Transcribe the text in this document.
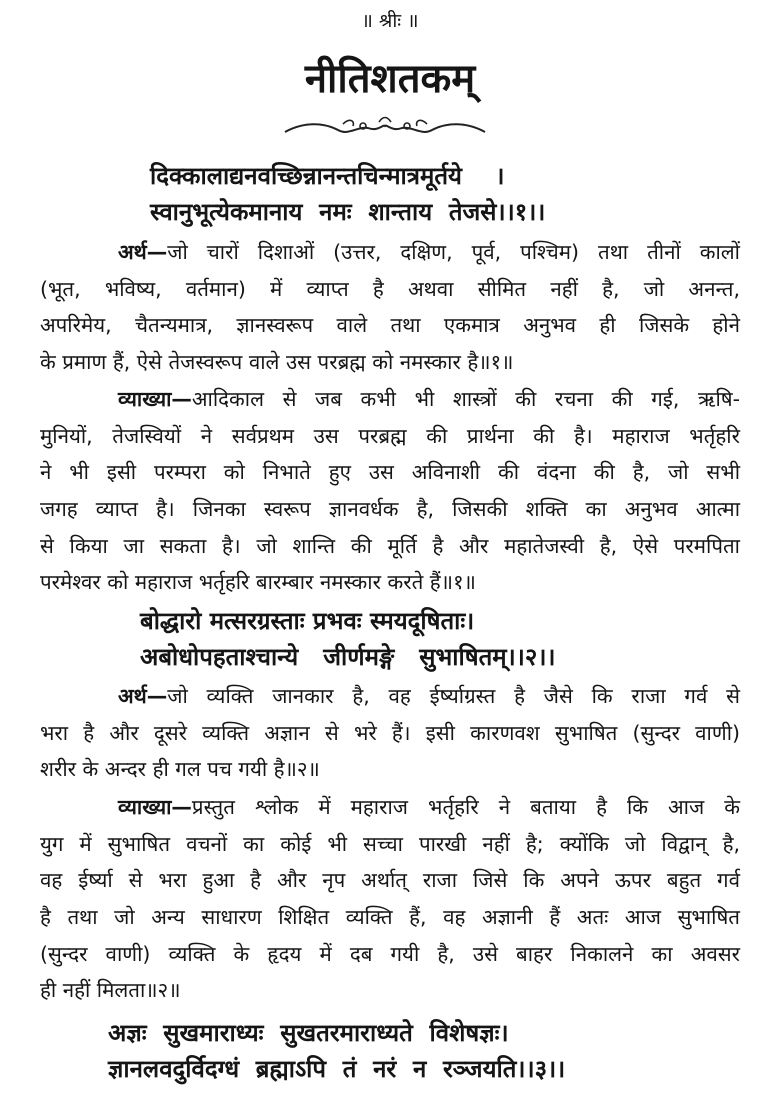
॥ श्रीः ॥
नीतिशतकम्
दिक्कालाद्यनवच्छिन्नानन्तचिन्मात्रमूर्तये    ।
स्वानुभूत्येकमानाय  नमः  शान्ताय  तेजसे।।१।।
अर्थ—जो चारों दिशाओं (उत्तर, दक्षिण, पूर्व, पश्चिम) तथा तीनों कालों
(भूत, भविष्य, वर्तमान) में व्याप्त है अथवा सीमित नहीं है, जो अनन्त,
अपरिमेय, चैतन्यमात्र, ज्ञानस्वरूप वाले तथा एकमात्र अनुभव ही जिसके होने
के प्रमाण हैं, ऐसे तेजस्वरूप वाले उस परब्रह्म को नमस्कार है॥१॥
व्याख्या—आदिकाल से जब कभी भी शास्त्रों की रचना की गई, ऋषि-
मुनियों, तेजस्वियों ने सर्वप्रथम उस परब्रह्म की प्रार्थना की है। महाराज भर्तृहरि
ने भी इसी परम्परा को निभाते हुए उस अविनाशी की वंदना की है, जो सभी
जगह व्याप्त है। जिनका स्वरूप ज्ञानवर्धक है, जिसकी शक्ति का अनुभव आत्मा
से किया जा सकता है। जो शान्ति की मूर्ति है और महातेजस्वी है, ऐसे परमपिता
परमेश्वर को महाराज भर्तृहरि बारम्बार नमस्कार करते हैं॥१॥
बोद्धारो मत्सरग्रस्ताः प्रभवः स्मयदूषिताः।
अबोधोपहताश्चान्ये   जीर्णमङ्गे   सुभाषितम्।।२।।
अर्थ—जो व्यक्ति जानकार है, वह ईर्ष्याग्रस्त है जैसे कि राजा गर्व से
भरा है और दूसरे व्यक्ति अज्ञान से भरे हैं। इसी कारणवश सुभाषित (सुन्दर वाणी)
शरीर के अन्दर ही गल पच गयी है॥२॥
व्याख्या—प्रस्तुत श्लोक में महाराज भर्तृहरि ने बताया है कि आज के
युग में सुभाषित वचनों का कोई भी सच्चा पारखी नहीं है; क्योंकि जो विद्वान् है,
वह ईर्ष्या से भरा हुआ है और नृप अर्थात् राजा जिसे कि अपने ऊपर बहुत गर्व
है तथा जो अन्य साधारण शिक्षित व्यक्ति हैं, वह अज्ञानी हैं अतः आज सुभाषित
(सुन्दर वाणी) व्यक्ति के हृदय में दब गयी है, उसे बाहर निकालने का अवसर
ही नहीं मिलता॥२॥
अज्ञः  सुखमाराध्यः  सुखतरमाराध्यते  विशेषज्ञः।
ज्ञानलवदुर्विदग्धं  ब्रह्माऽपि  तं  नरं  न  रञ्जयति।।३।।
